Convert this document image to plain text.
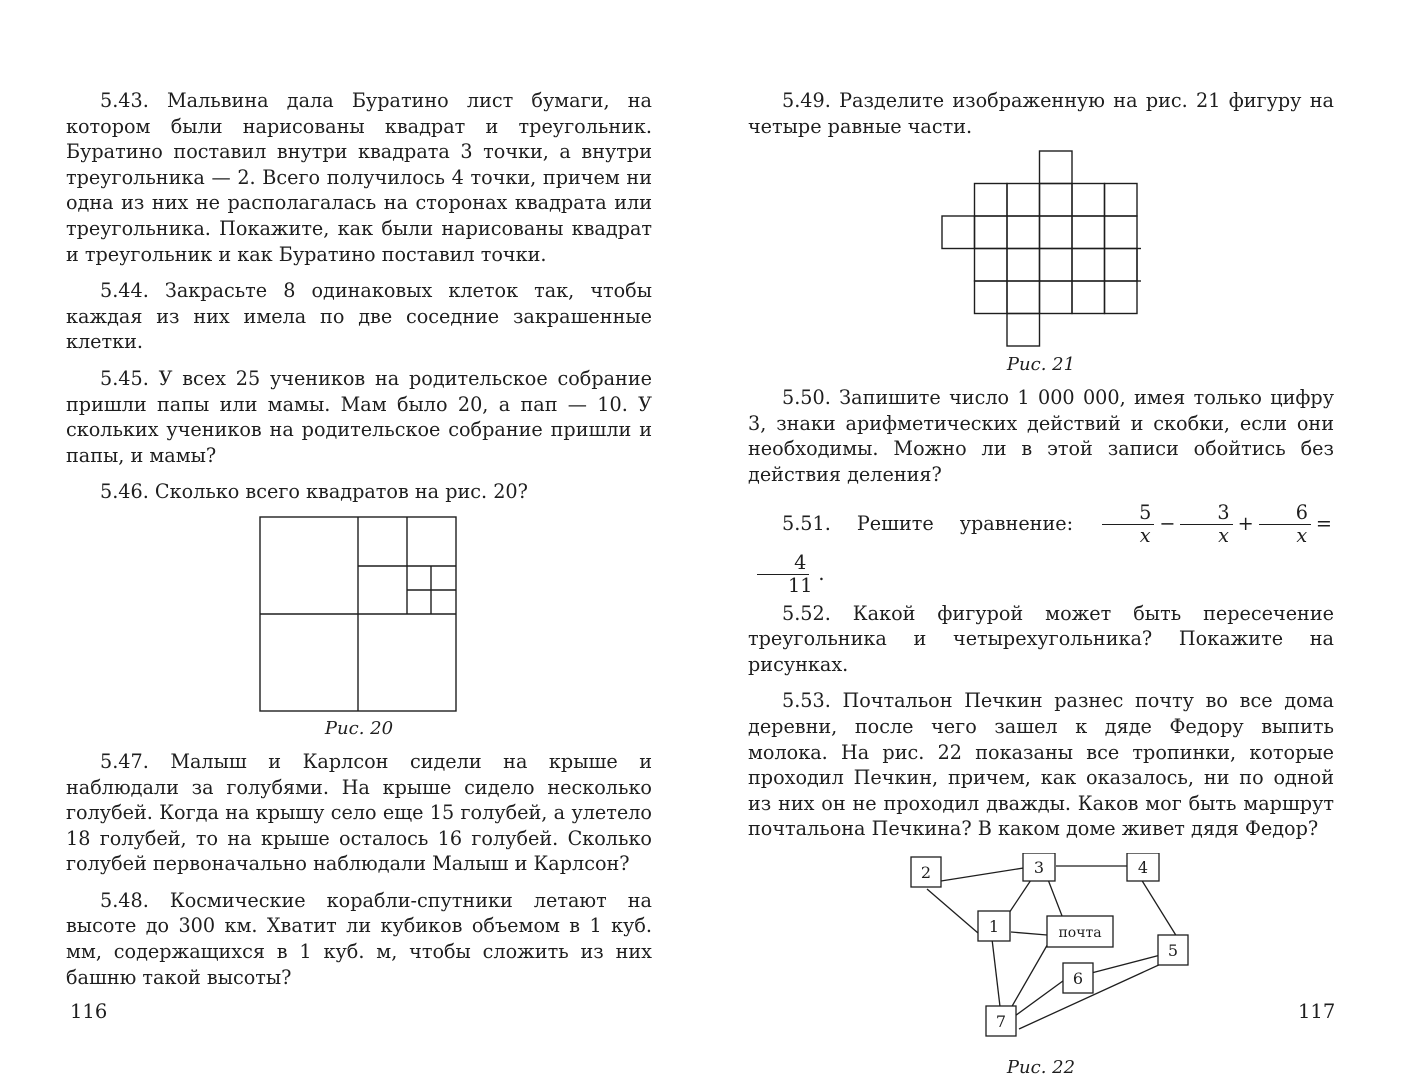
5.43. Мальвина дала Буратино лист бумаги, на котором были нарисованы квадрат и треугольник. Буратино поставил внутри квадрата 3 точки, а внутри треугольника — 2. Всего получилось 4 точки, причем ни одна из них не располагалась на сторонах квадрата или треугольника. Покажите, как были нарисованы квадрат и треугольник и как Буратино поставил точки.

5.44. Закрасьте 8 одинаковых клеток так, чтобы каждая из них имела по две соседние закрашенные клетки.

5.45. У всех 25 учеников на родительское собрание пришли папы или мамы. Мам было 20, а пап — 10. У скольких учеников на родительское собрание пришли и папы, и мамы?

5.46. Сколько всего квадратов на рис. 20?

Рис. 20

5.47. Малыш и Карлсон сидели на крыше и наблюдали за голубями. На крыше сидело несколько голубей. Когда на крышу село еще 15 голубей, а улетело 18 голубей, то на крыше осталось 16 голубей. Сколько голубей первоначально наблюдали Малыш и Карлсон?

5.48. Космические корабли-спутники летают на высоте до 300 км. Хватит ли кубиков объемом в 1 куб. мм, содержащихся в 1 куб. м, чтобы сложить из них башню такой высоты?

116

5.49. Разделите изображенную на рис. 21 фигуру на четыре равные части.

Рис. 21

5.50. Запишите число 1 000 000, имея только цифру 3, знаки арифметических действий и скобки, если они необходимы. Можно ли в этой записи обойтись без действия деления?

5.51. Решите уравнение: $\frac{5}{x} - \frac{3}{x} + \frac{6}{x}$ =
$\frac{4}{11}$ .

5.52. Какой фигурой может быть пересечение треугольника и четырехугольника? Покажите на рисунках.

5.53. Почтальон Печкин разнес почту во все дома деревни, после чего зашел к дяде Федору выпить молока. На рис. 22 показаны все тропинки, которые проходил Печкин, причем, как оказалось, ни по одной из них он не проходил дважды. Каков мог быть маршрут почтальона Печкина? В каком доме живет дядя Федор?

2	3	4
1	почта
5
6
7
Рис. 22
117
